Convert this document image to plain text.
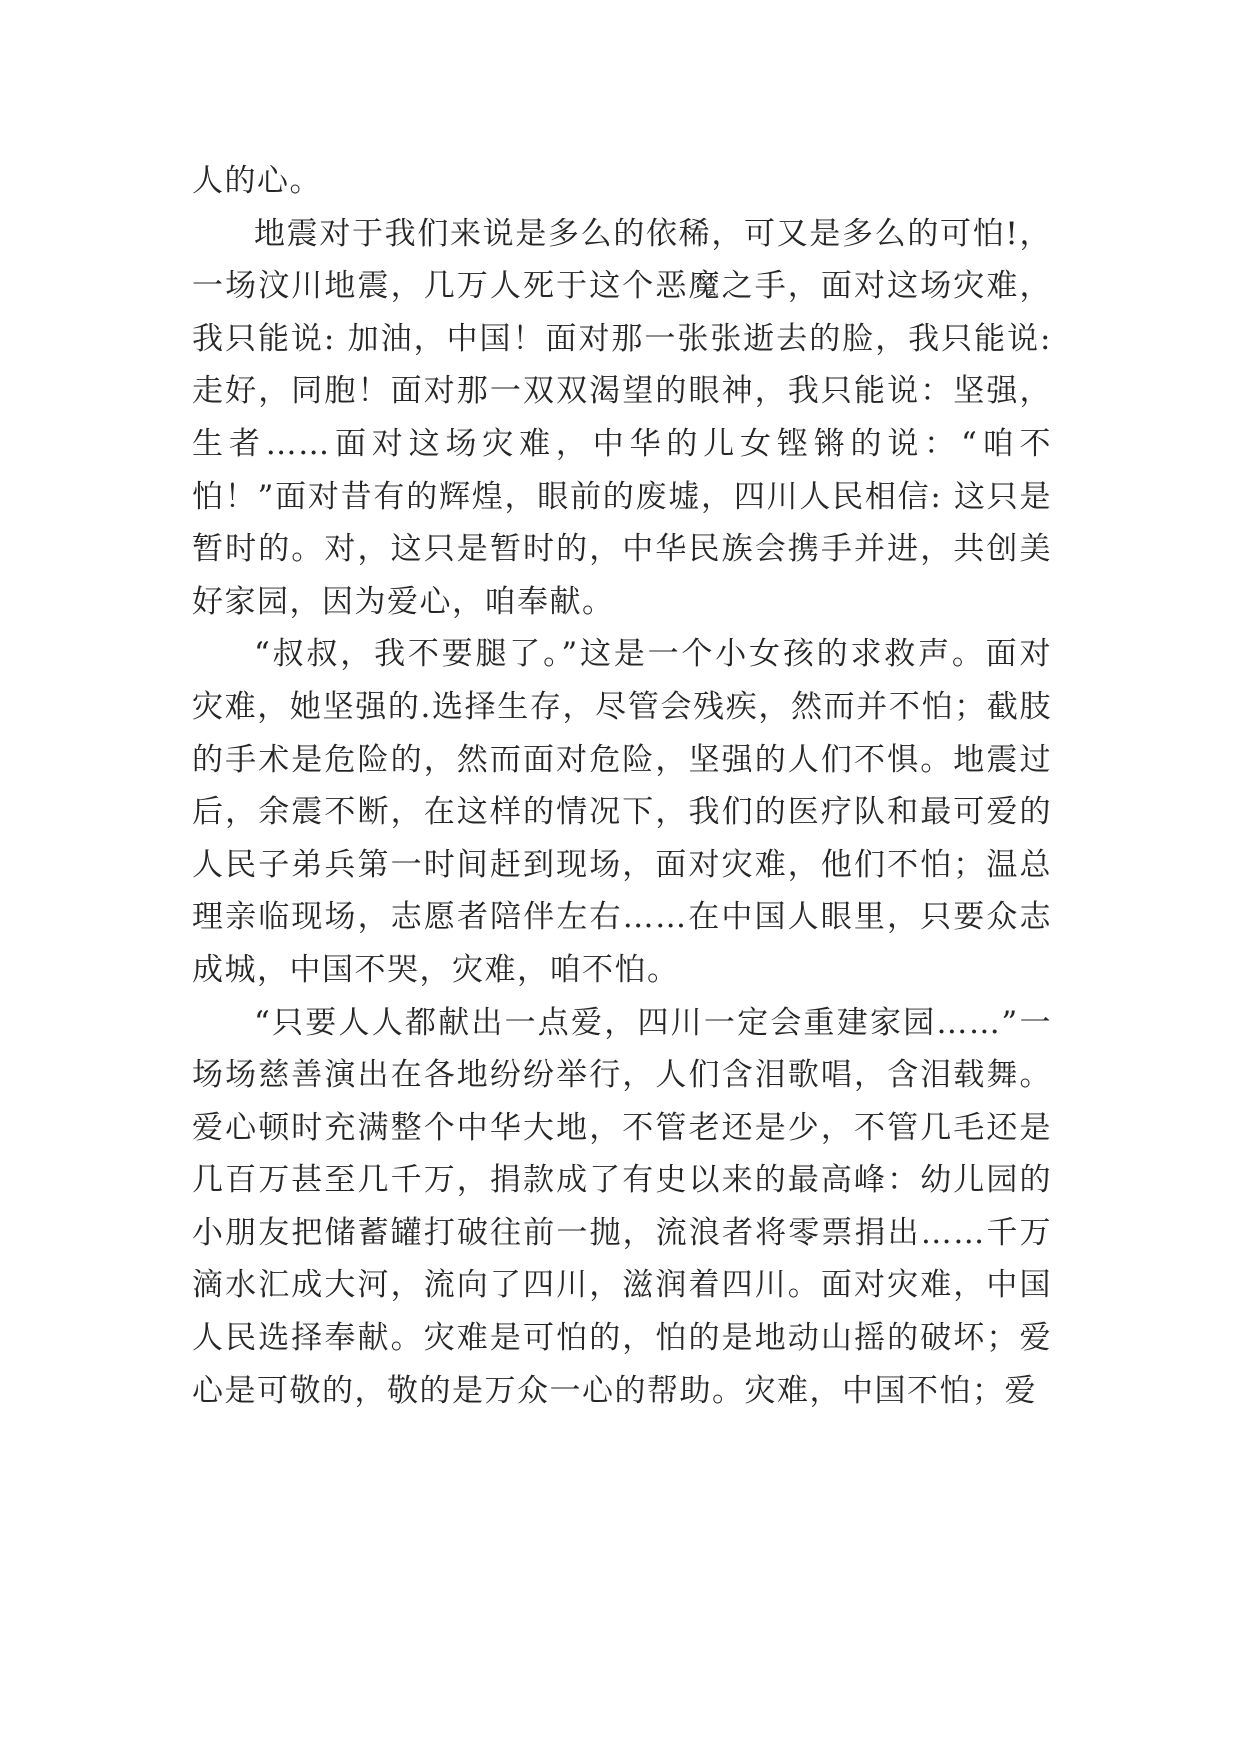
人的心。

地震对于我们来说是多么的依稀，可又是多么的可怕!，一场汶川地震，几万人死于这个恶魔之手，面对这场灾难，我只能说: 加油，中国！面对那一张张逝去的脸，我只能说: 走好，同胞！面对那一双双渴望的眼神，我只能说：坚强，生者……面对这场灾难，中华的儿女铿锵的说：“咱不怕！”面对昔有的辉煌，眼前的废墟，四川人民相信: 这只是暂时的。对，这只是暂时的，中华民族会携手并进，共创美好家园，因为爱心，咱奉献。

“叔叔，我不要腿了。”这是一个小女孩的求救声。面对灾难，她坚强的.选择生存，尽管会残疾，然而并不怕；截肢的手术是危险的，然而面对危险，坚强的人们不惧。地震过后，余震不断，在这样的情况下，我们的医疗队和最可爱的人民子弟兵第一时间赶到现场，面对灾难，他们不怕；温总理亲临现场，志愿者陪伴左右……在中国人眼里，只要众志成城，中国不哭，灾难，咱不怕。

“只要人人都献出一点爱，四川一定会重建家园……”一场场慈善演出在各地纷纷举行，人们含泪歌唱，含泪载舞。爱心顿时充满整个中华大地，不管老还是少，不管几毛还是几百万甚至几千万，捐款成了有史以来的最高峰：幼儿园的小朋友把储蓄罐打破往前一抛，流浪者将零票捐出……千万滴水汇成大河，流向了四川，滋润着四川。面对灾难，中国人民选择奉献。灾难是可怕的，怕的是地动山摇的破坏；爱心是可敬的，敬的是万众一心的帮助。灾难，中国不怕；爱
